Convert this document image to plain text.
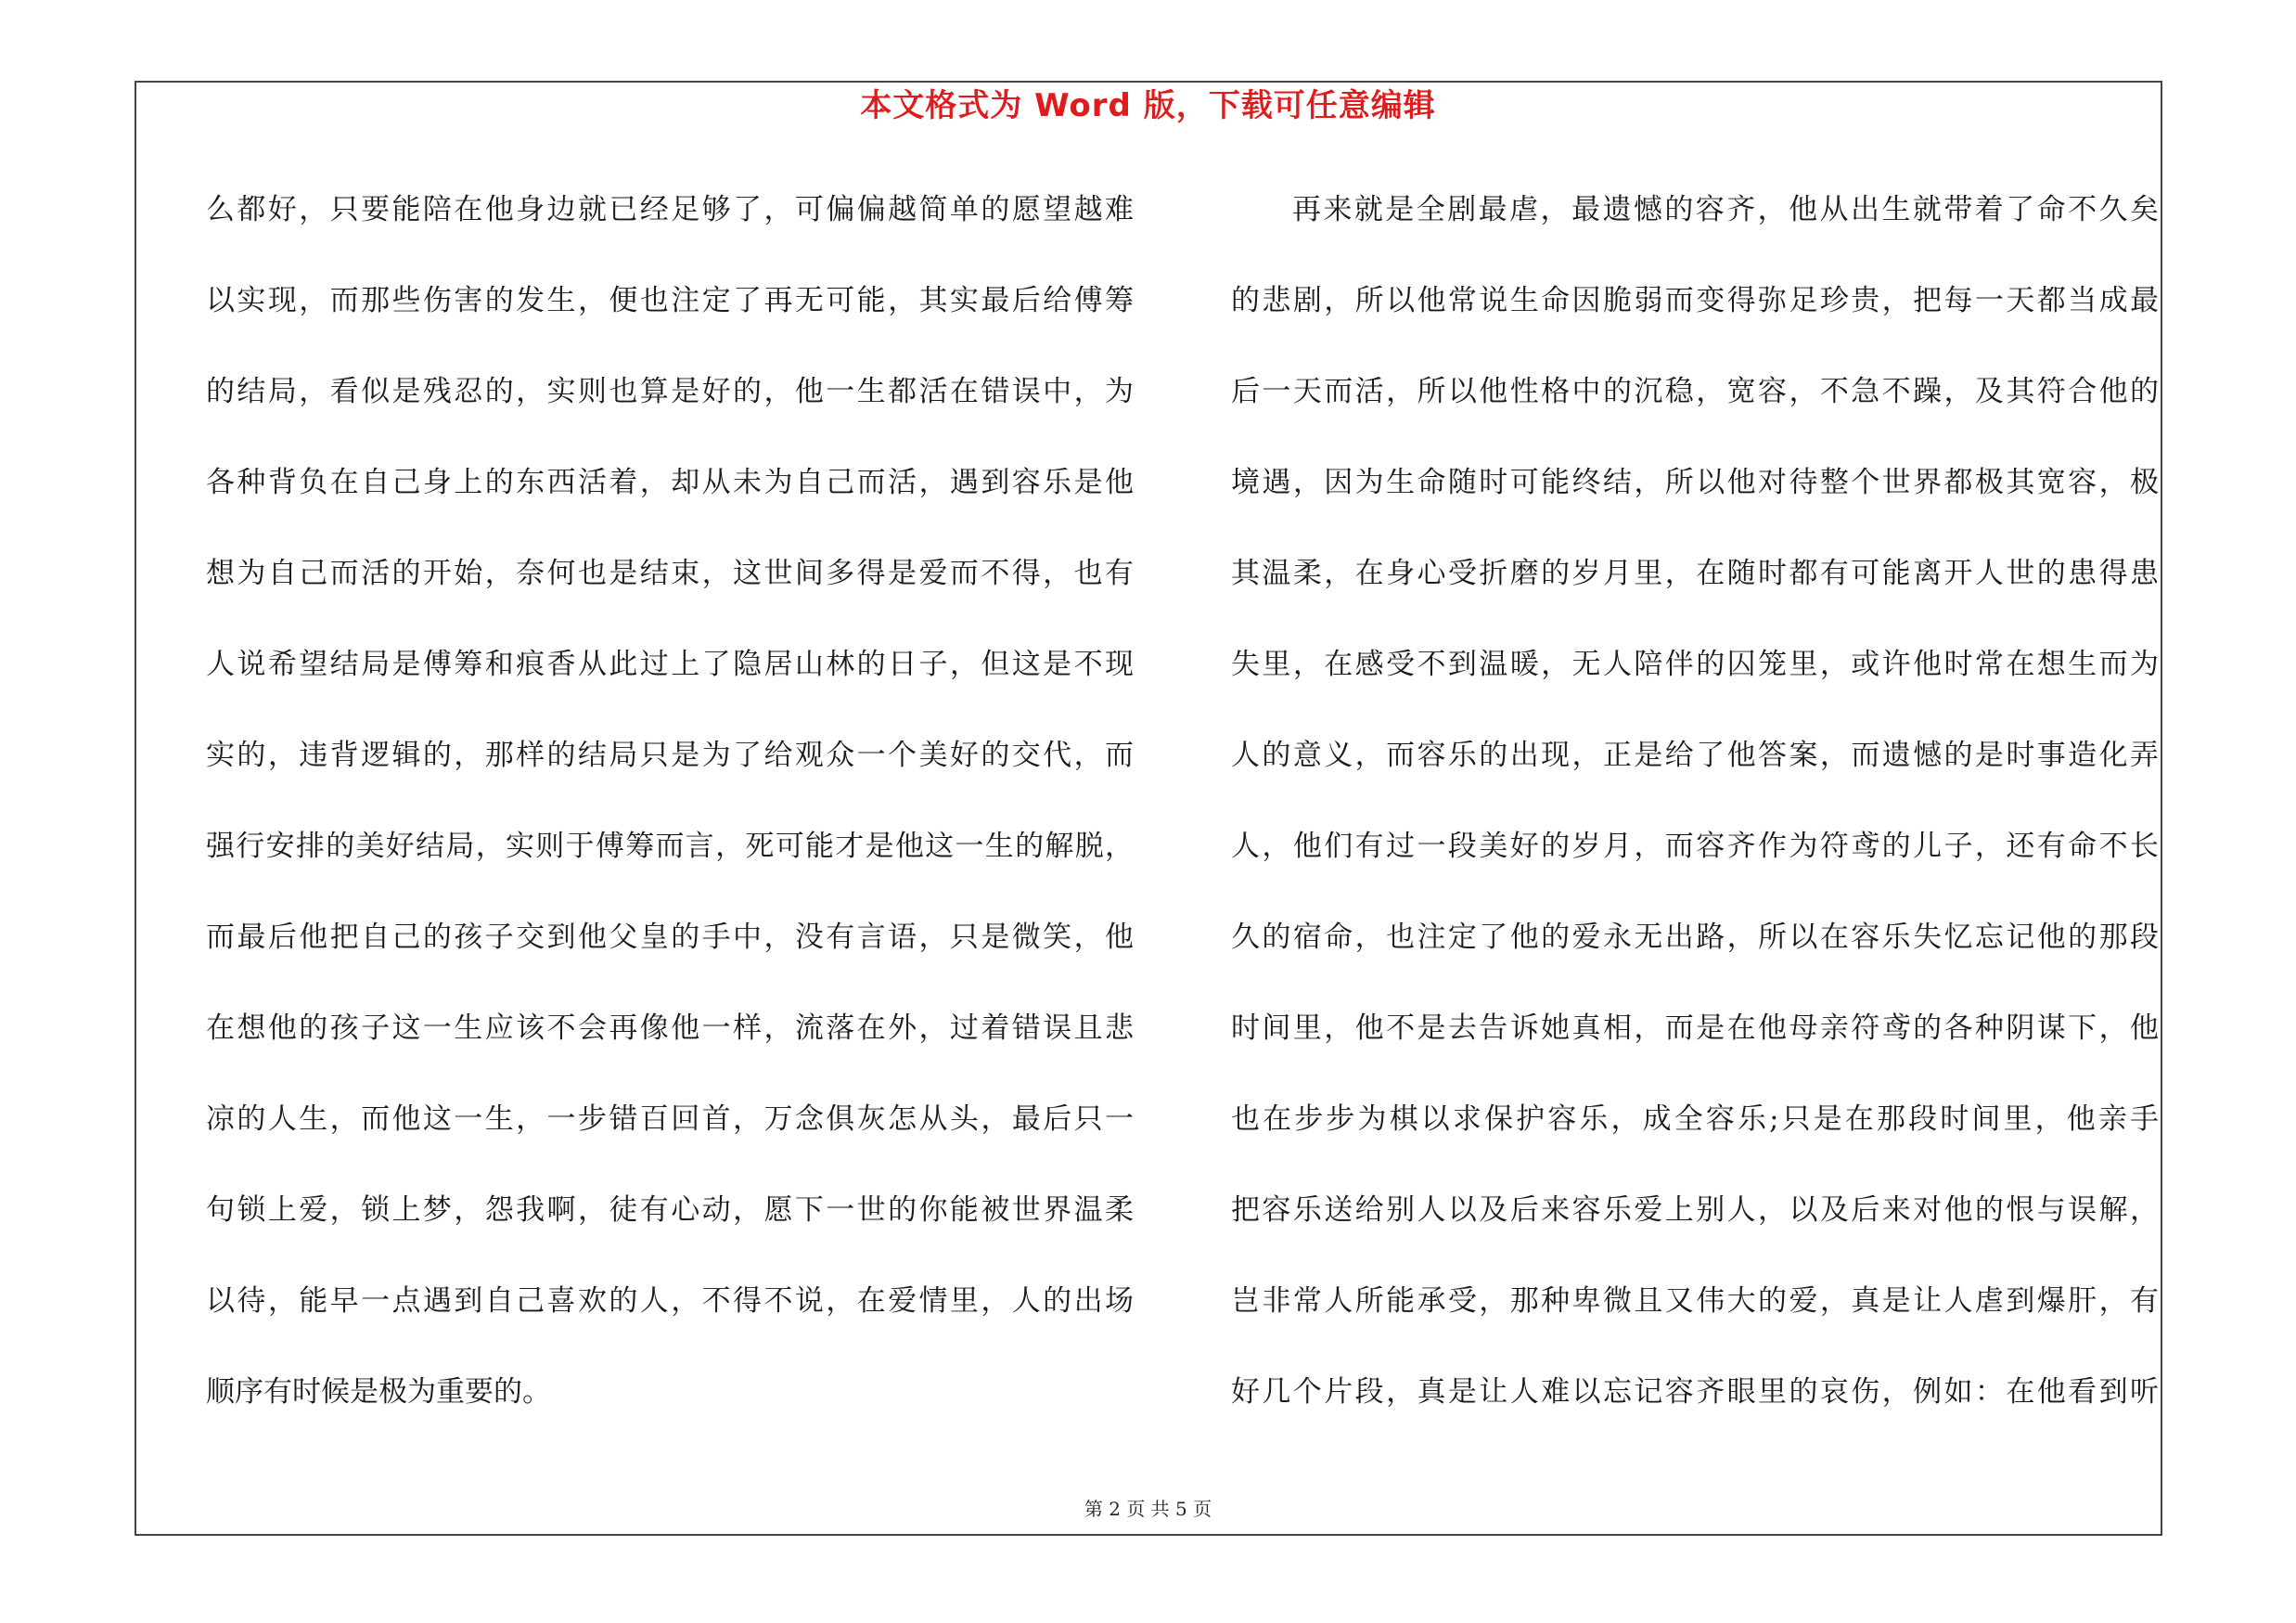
本文格式为 Word 版，下载可任意编辑
么都好，只要能陪在他身边就已经足够了，可偏偏越简单的愿望越难
以实现，而那些伤害的发生，便也注定了再无可能，其实最后给傅筹
的结局，看似是残忍的，实则也算是好的，他一生都活在错误中，为
各种背负在自己身上的东西活着，却从未为自己而活，遇到容乐是他
想为自己而活的开始，奈何也是结束，这世间多得是爱而不得，也有
人说希望结局是傅筹和痕香从此过上了隐居山林的日子，但这是不现
实的，违背逻辑的，那样的结局只是为了给观众一个美好的交代，而
强行安排的美好结局，实则于傅筹而言，死可能才是他这一生的解脱，
而最后他把自己的孩子交到他父皇的手中，没有言语，只是微笑，他
在想他的孩子这一生应该不会再像他一样，流落在外，过着错误且悲
凉的人生，而他这一生，一步错百回首，万念俱灰怎从头，最后只一
句锁上爱，锁上梦，怨我啊，徒有心动，愿下一世的你能被世界温柔
以待，能早一点遇到自己喜欢的人，不得不说，在爱情里，人的出场
顺序有时候是极为重要的。
再来就是全剧最虐，最遗憾的容齐，他从出生就带着了命不久矣
的悲剧，所以他常说生命因脆弱而变得弥足珍贵，把每一天都当成最
后一天而活，所以他性格中的沉稳，宽容，不急不躁，及其符合他的
境遇，因为生命随时可能终结，所以他对待整个世界都极其宽容，极
其温柔，在身心受折磨的岁月里，在随时都有可能离开人世的患得患
失里，在感受不到温暖，无人陪伴的囚笼里，或许他时常在想生而为
人的意义，而容乐的出现，正是给了他答案，而遗憾的是时事造化弄
人，他们有过一段美好的岁月，而容齐作为符鸢的儿子，还有命不长
久的宿命，也注定了他的爱永无出路，所以在容乐失忆忘记他的那段
时间里，他不是去告诉她真相，而是在他母亲符鸢的各种阴谋下，他
也在步步为棋以求保护容乐，成全容乐;只是在那段时间里，他亲手
把容乐送给别人以及后来容乐爱上别人，以及后来对他的恨与误解，
岂非常人所能承受，那种卑微且又伟大的爱，真是让人虐到爆肝，有
好几个片段，真是让人难以忘记容齐眼里的哀伤，例如：在他看到听
第 2 页 共 5 页
